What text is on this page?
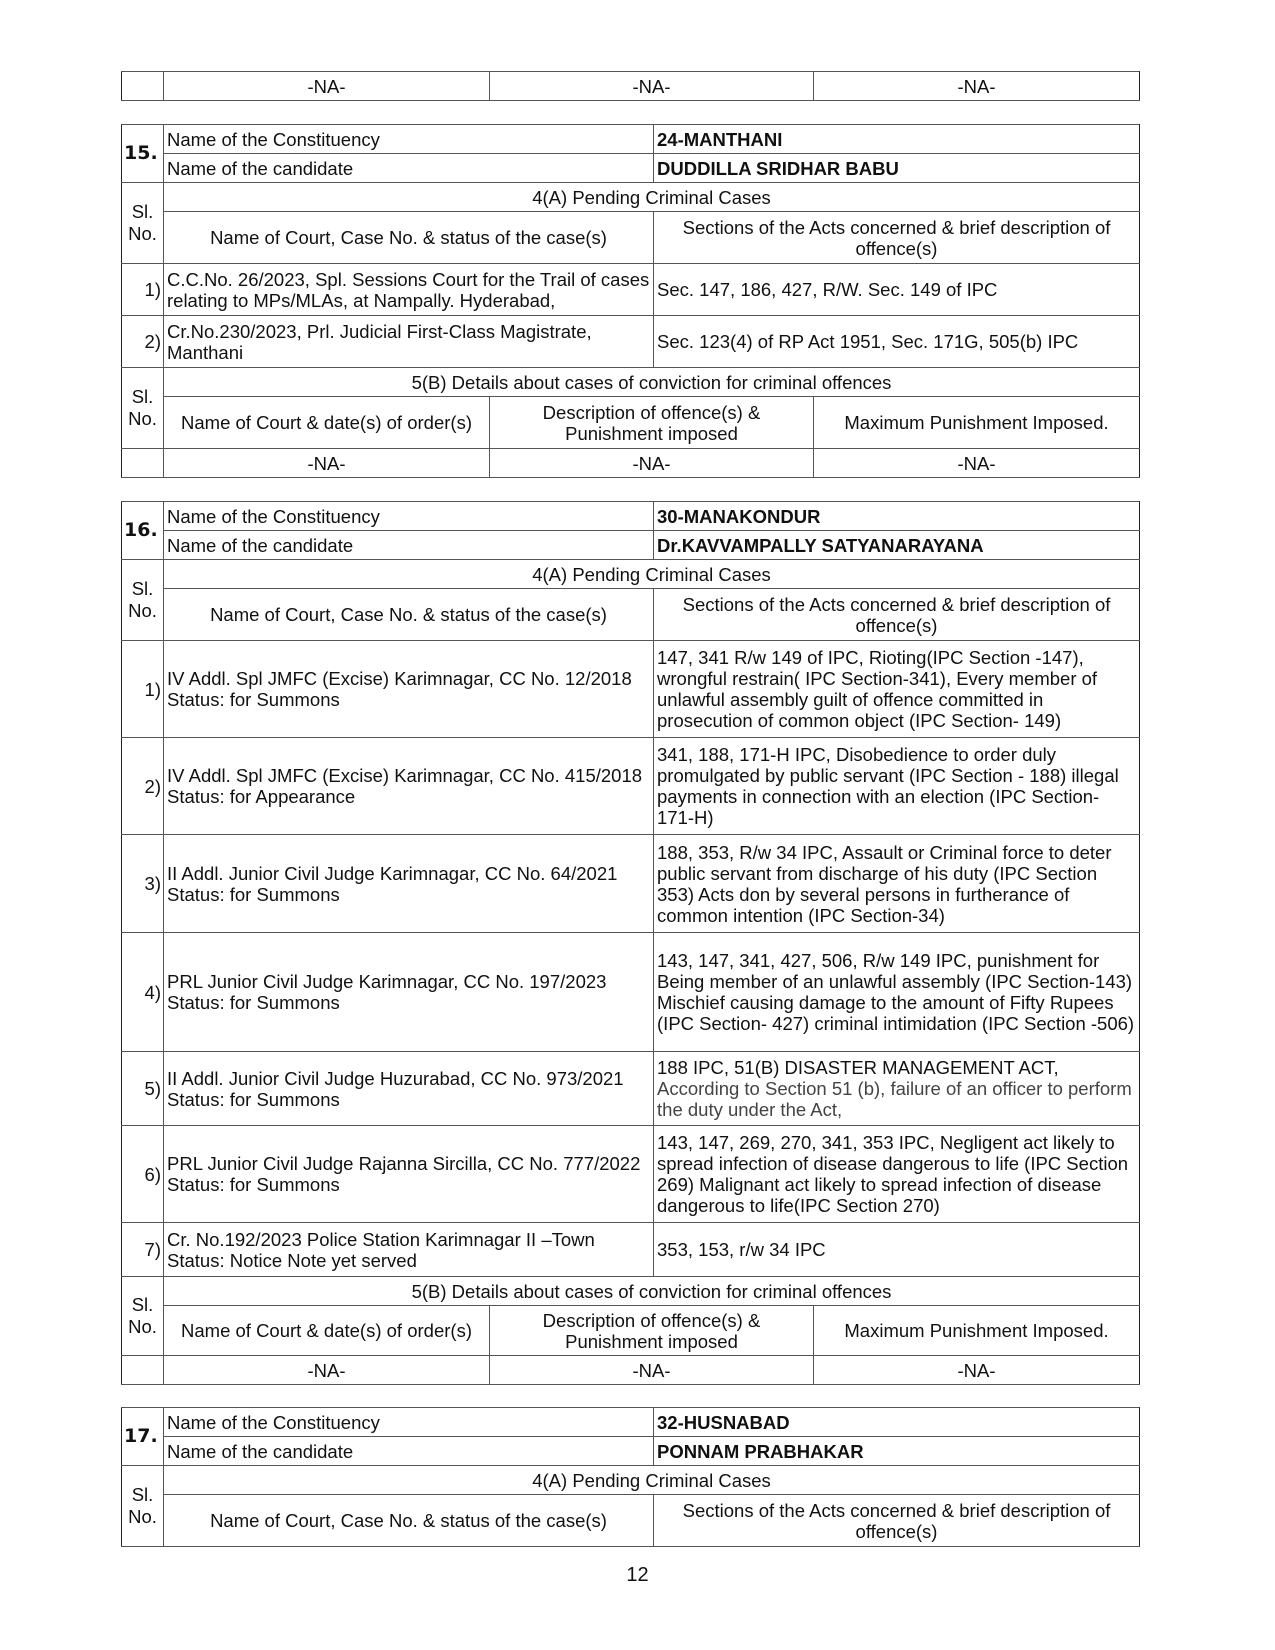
	-NA-	-NA-	-NA-
15.	Name of the Constituency		24-MANTHANI	
	Name of the candidate		DUDDILLA SRIDHAR BABU	
Sl.
No.	4(A) Pending Criminal Cases			
	Name of Court, Case No. & status of the case(s)		Sections of the Acts concerned & brief description of offence(s)	
1)	C.C.No. 26/2023, Spl. Sessions Court for the Trail of cases relating to MPs/MLAs, at Nampally. Hyderabad,		Sec. 147, 186, 427, R/W. Sec. 149 of IPC	
2)	Cr.No.230/2023, Prl. Judicial First-Class Magistrate, Manthani		Sec. 123(4) of RP Act 1951, Sec. 171G, 505(b) IPC	
Sl.
No.	5(B) Details about cases of conviction for criminal offences			
	Name of Court & date(s) of order(s)	Description of offence(s) & Punishment imposed		Maximum Punishment Imposed.
	-NA-	-NA-		-NA-
16.	Name of the Constituency		30-MANAKONDUR	
	Name of the candidate		Dr.KAVVAMPALLY SATYANARAYANA	
Sl.
No.	4(A) Pending Criminal Cases			
	Name of Court, Case No. & status of the case(s)		Sections of the Acts concerned & brief description of offence(s)	
1)	IV Addl. Spl JMFC (Excise) Karimnagar, CC No. 12/2018 Status: for Summons		147, 341 R/w 149 of IPC, Rioting(IPC Section -147), wrongful restrain( IPC Section-341), Every member of unlawful assembly guilt of offence committed in prosecution of common object (IPC Section- 149)	
2)	IV Addl. Spl JMFC (Excise) Karimnagar, CC No. 415/2018 Status: for Appearance		341, 188, 171-H IPC, Disobedience to order duly promulgated by public servant (IPC Section - 188) illegal payments in connection with an election (IPC Section- 171-H)	
3)	II Addl. Junior Civil Judge Karimnagar, CC No. 64/2021 Status: for Summons		188, 353, R/w 34 IPC, Assault or Criminal force to deter public servant from discharge of his duty (IPC Section 353) Acts don by several persons in furtherance of common intention (IPC Section-34)	
4)	PRL Junior Civil Judge Karimnagar, CC No. 197/2023 Status: for Summons		143, 147, 341, 427, 506, R/w 149 IPC, punishment for Being member of an unlawful assembly (IPC Section-143) Mischief causing damage to the amount of Fifty Rupees (IPC Section- 427) criminal intimidation (IPC Section -506)	
5)	II Addl. Junior Civil Judge Huzurabad, CC No. 973/2021 Status: for Summons		188 IPC, 51(B) DISASTER MANAGEMENT ACT,
According to Section 51 (b), failure of an officer to perform the duty under the Act,	
6)	PRL Junior Civil Judge Rajanna Sircilla, CC No. 777/2022 Status: for Summons		143, 147, 269, 270, 341, 353 IPC, Negligent act likely to spread infection of disease dangerous to life (IPC Section 269) Malignant act likely to spread infection of disease dangerous to life(IPC Section 270)	
7)	Cr. No.192/2023 Police Station Karimnagar II –Town Status: Notice Note yet served		353, 153, r/w 34 IPC	
Sl.
No.	5(B) Details about cases of conviction for criminal offences			
	Name of Court & date(s) of order(s)	Description of offence(s) & Punishment imposed		Maximum Punishment Imposed.
	-NA-	-NA-		-NA-
17.	Name of the Constituency	32-HUSNABAD
	Name of the candidate	PONNAM PRABHAKAR
Sl.
No.	4(A) Pending Criminal Cases	
	Name of Court, Case No. & status of the case(s)	Sections of the Acts concerned & brief description of offence(s)
12
